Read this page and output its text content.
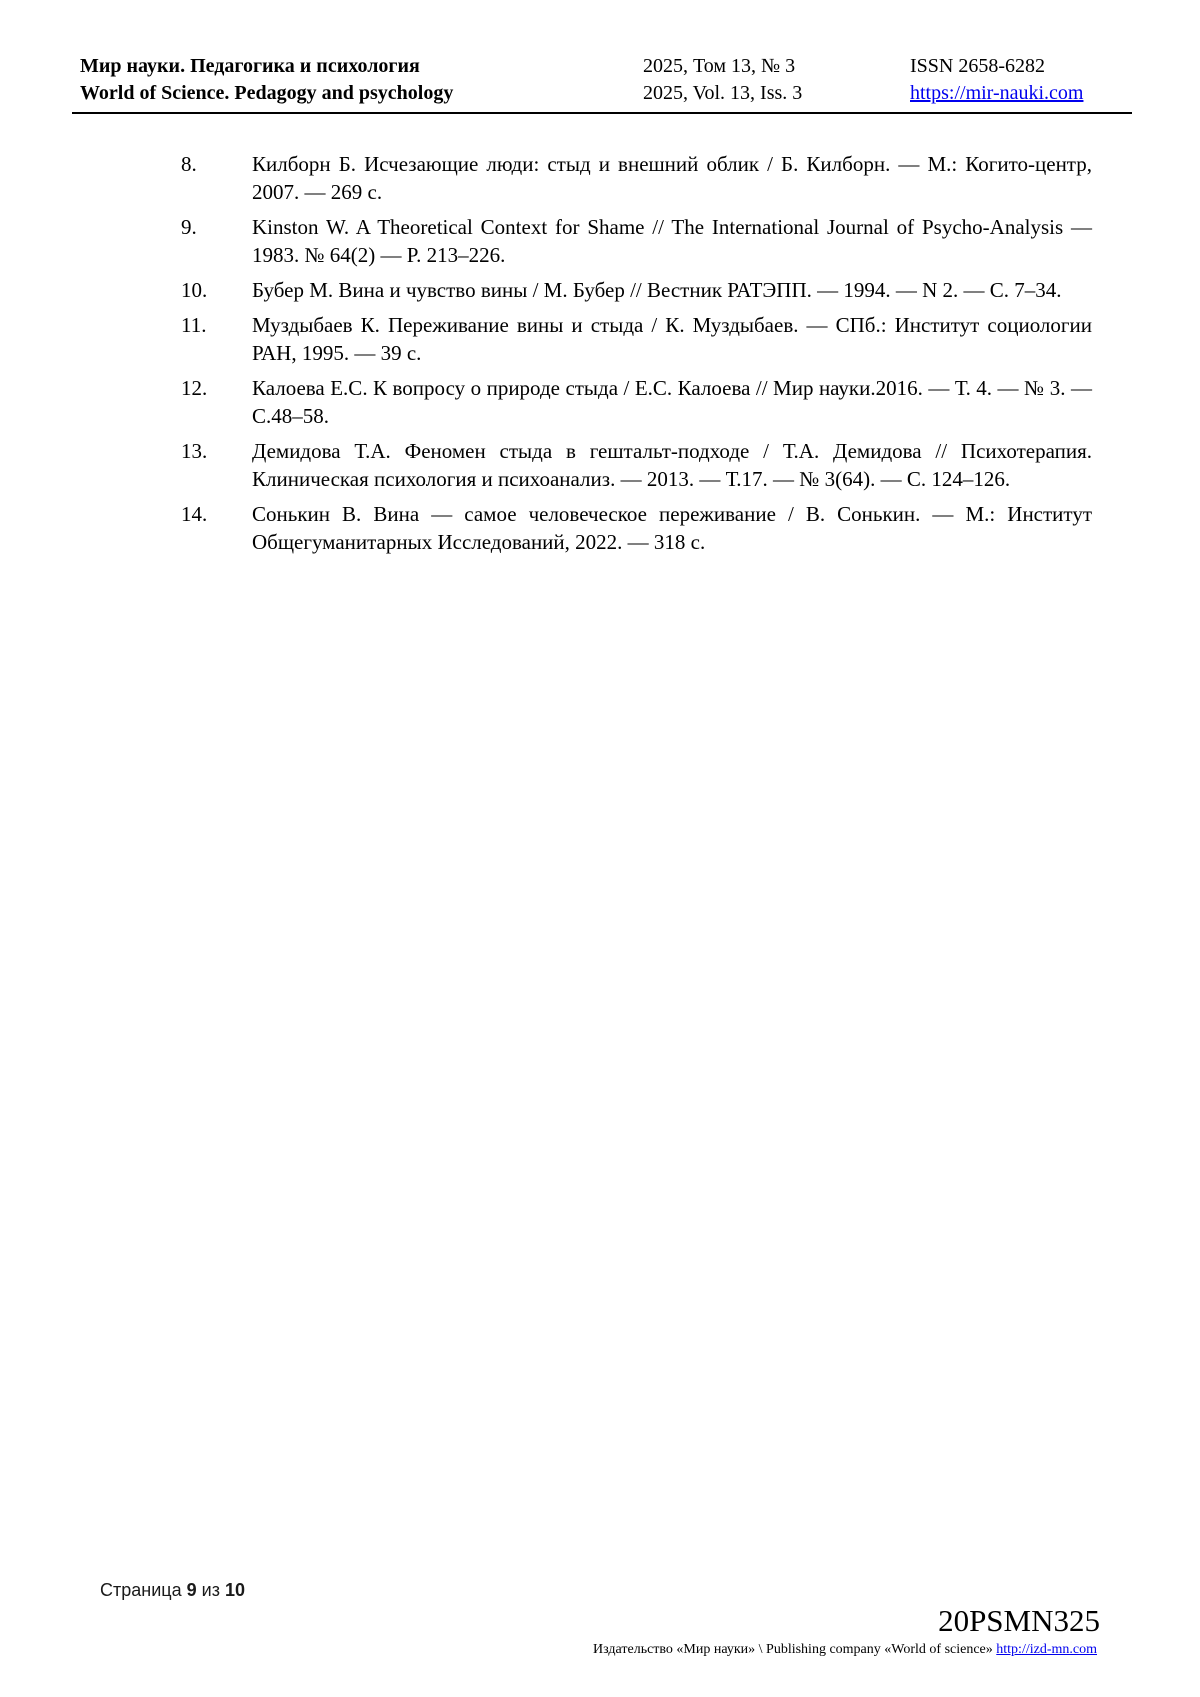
Мир науки. Педагогика и психология
World of Science. Pedagogy and psychology
2025, Том 13, № 3
2025, Vol. 13, Iss. 3
ISSN 2658-6282
https://mir-nauki.com
8.	Килборн Б. Исчезающие люди: стыд и внешний облик / Б. Килборн. — М.: Когито-центр, 2007. — 269 с.
9.	Kinston W. A Theoretical Context for Shame // The International Journal of Psycho-Analysis — 1983. № 64(2) — P. 213–226.
10.	Бубер М. Вина и чувство вины / М. Бубер // Вестник РАТЭПП. — 1994. — N 2. — С. 7–34.
11.	Муздыбаев К. Переживание вины и стыда / К. Муздыбаев. — СПб.: Институт социологии РАН, 1995. — 39 с.
12.	Калоева Е.С. К вопросу о природе стыда / Е.С. Калоева // Мир науки.2016. — Т. 4. — № 3. — С.48–58.
13.	Демидова Т.А. Феномен стыда в гештальт-подходе / Т.А. Демидова // Психотерапия. Клиническая психология и психоанализ. — 2013. — Т.17. — № 3(64). — С. 124–126.
14.	Сонькин В. Вина — самое человеческое переживание / В. Сонькин. — М.: Институт Общегуманитарных Исследований, 2022. — 318 с.
Страница 9 из 10
20PSMN325
Издательство «Мир науки» \ Publishing company «World of science» http://izd-mn.com
